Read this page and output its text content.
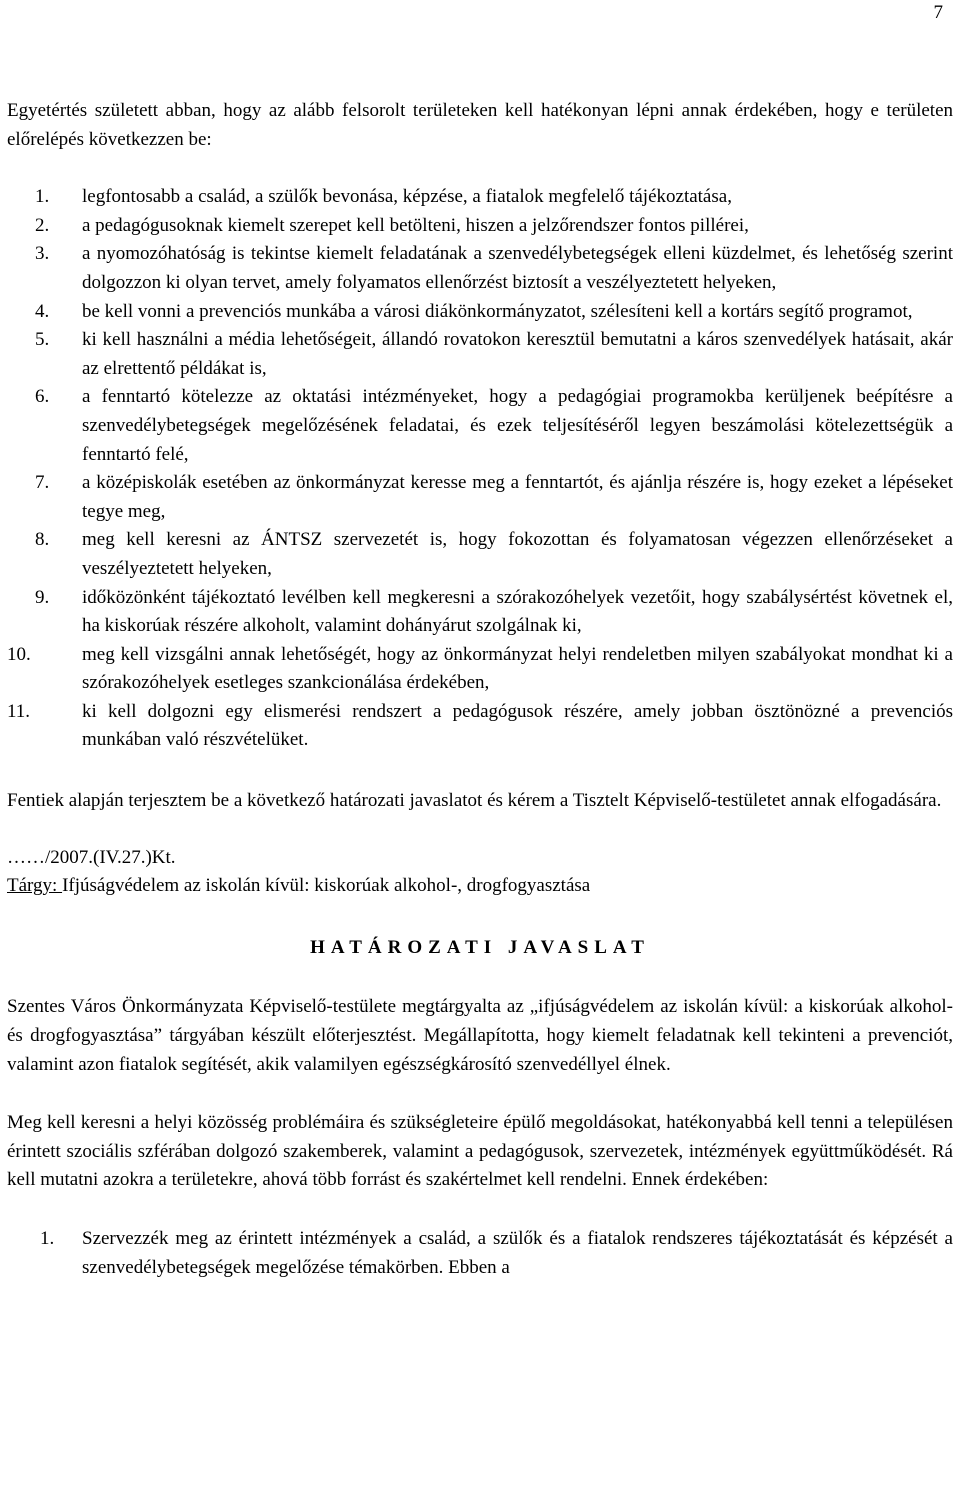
7

Egyetértés született abban, hogy az alább felsorolt területeken kell hatékonyan lépni annak érdekében, hogy e területen előrelépés következzen be:

1. legfontosabb a család, a szülők bevonása, képzése, a fiatalok megfelelő tájékoztatása,
2. a pedagógusoknak kiemelt szerepet kell betölteni, hiszen a jelzőrendszer fontos pillérei,
3. a nyomozóhatóság is tekintse kiemelt feladatának a szenvedélybetegségek elleni küzdelmet, és lehetőség szerint dolgozzon ki olyan tervet, amely folyamatos ellenőrzést biztosít a veszélyeztetett helyeken,
4. be kell vonni a prevenciós munkába a városi diákönkormányzatot, szélesíteni kell a kortárs segítő programot,
5. ki kell használni a média lehetőségeit, állandó rovatokon keresztül bemutatni a káros szenvedélyek hatásait, akár az elrettentő példákat is,
6. a fenntartó kötelezze az oktatási intézményeket, hogy a pedagógiai programokba kerüljenek beépítésre a szenvedélybetegségek megelőzésének feladatai, és ezek teljesítéséről legyen beszámolási kötelezettségük a fenntartó felé,
7. a középiskolák esetében az önkormányzat keresse meg a fenntartót, és ajánlja részére is, hogy ezeket a lépéseket tegye meg,
8. meg kell keresni az ÁNTSZ szervezetét is, hogy fokozottan és folyamatosan végezzen ellenőrzéseket a veszélyeztetett helyeken,
9. időközönként tájékoztató levélben kell megkeresni a szórakozóhelyek vezetőit, hogy szabálysértést követnek el, ha kiskorúak részére alkoholt, valamint dohányárut szolgálnak ki,
10.	meg kell vizsgálni annak lehetőségét, hogy az önkormányzat helyi rendeletben milyen szabályokat mondhat ki a szórakozóhelyek esetleges szankcionálása érdekében,
11.	ki kell dolgozni egy elismerési rendszert a pedagógusok részére, amely jobban ösztönözné a prevenciós munkában való részvételüket.

Fentiek alapján terjesztem be a következő határozati javaslatot és kérem a Tisztelt Képviselő-testületet annak elfogadására.

……/2007.(IV.27.)Kt.

Tárgy: Ifjúságvédelem az iskolán kívül: kiskorúak alkohol-, drogfogyasztása

HATÁROZATI JAVASLAT

Szentes Város Önkormányzata Képviselő-testülete megtárgyalta az „ifjúságvédelem az iskolán kívül: a kiskorúak alkohol- és drogfogyasztása” tárgyában készült előterjesztést. Megállapította, hogy kiemelt feladatnak kell tekinteni a prevenciót, valamint azon fiatalok segítését, akik valamilyen egészségkárosító szenvedéllyel élnek.

Meg kell keresni a helyi közösség problémáira és szükségleteire épülő megoldásokat, hatékonyabbá kell tenni a településen érintett szociális szférában dolgozó szakemberek, valamint a pedagógusok, szervezetek, intézmények együttműködését. Rá kell mutatni azokra a területekre, ahová több forrást és szakértelmet kell rendelni. Ennek érdekében:

1. Szervezzék meg az érintett intézmények a család, a szülők és a fiatalok rendszeres tájékoztatását és képzését a szenvedélybetegségek megelőzése témakörben. Ebben a
